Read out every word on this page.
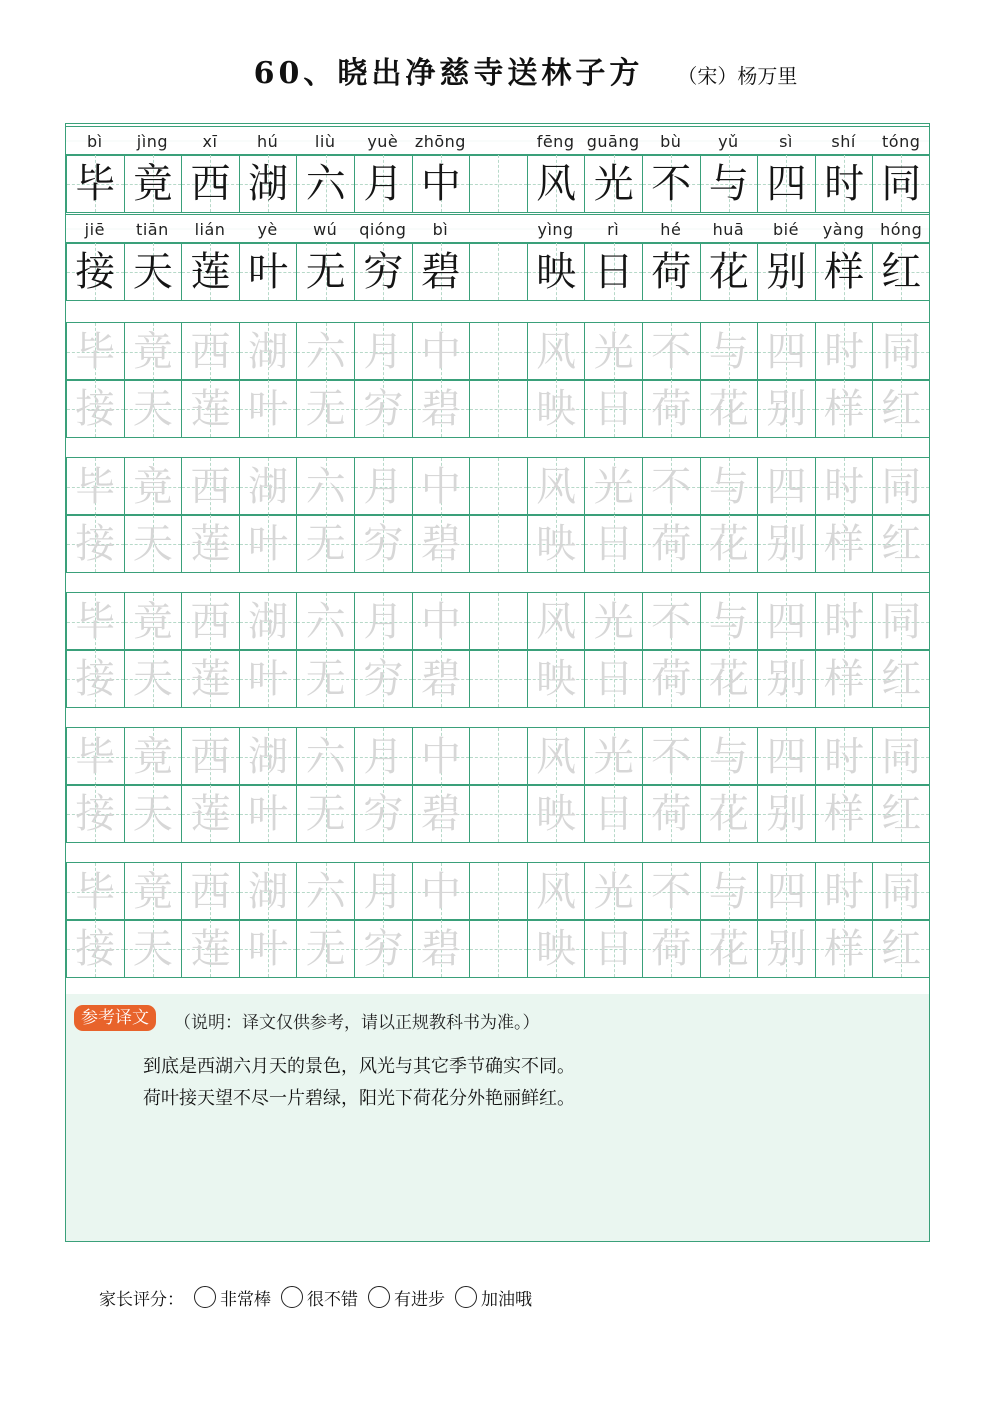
60、晓出净慈寺送林子方 （宋）杨万里
bì	jìng	xī	hú	liù	yuè	zhōng	fēng guāng	bù	yǔ	sì	shí	tóng
毕 竟 西 湖 六 月 中 风 光 不 与 四 时 同
jiē	tiān	lián	yè	wú	qióng	bì	yìng	rì	hé	huā	bié	yàng hóng
接 天 莲 叶 无 穷 碧 映 日 荷 花 别 样 红
毕 竟 西 湖 六 月 中 风 光 不 与 四 时 同
接 天 莲 叶 无 穷 碧 映 日 荷 花 别 样 红
毕 竟 西 湖 六 月 中 风 光 不 与 四 时 同
接 天 莲 叶 无 穷 碧 映 日 荷 花 别 样 红
毕 竟 西 湖 六 月 中 风 光 不 与 四 时 同
接 天 莲 叶 无 穷 碧 映 日 荷 花 别 样 红
毕 竟 西 湖 六 月 中 风 光 不 与 四 时 同
接 天 莲 叶 无 穷 碧 映 日 荷 花 别 样 红
毕 竟 西 湖 六 月 中 风 光 不 与 四 时 同
接 天 莲 叶 无 穷 碧 映 日 荷 花 别 样 红
参考译文	（说明：译文仅供参考，请以正规教科书为准。）
到底是西湖六月天的景色，风光与其它季节确实不同。
荷叶接天望不尽一片碧绿，阳光下荷花分外艳丽鲜红。
家长评分： 非常棒 很不错 有进步 加油哦
